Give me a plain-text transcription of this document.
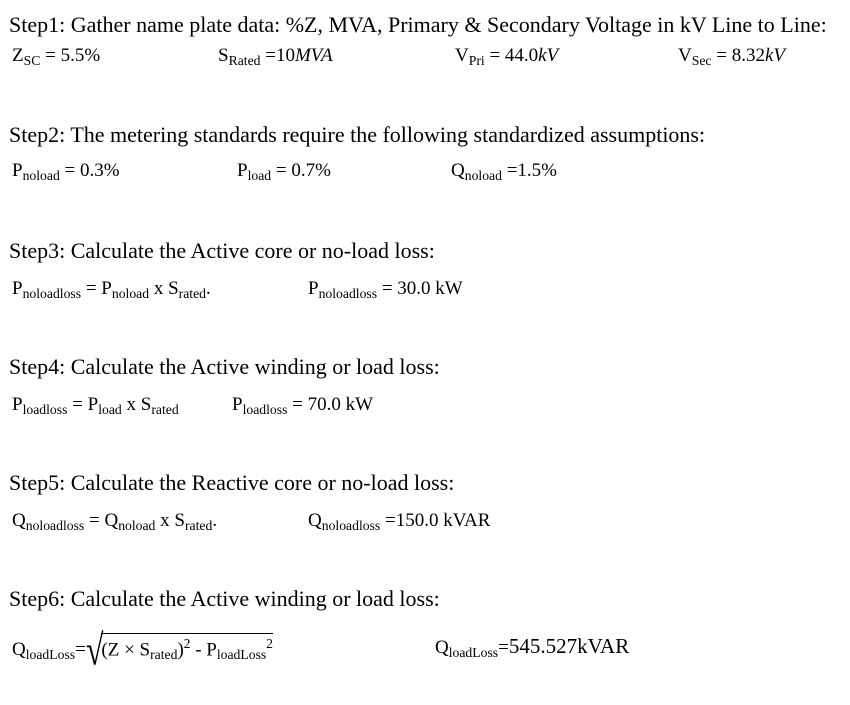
Step1: Gather name plate data: %Z, MVA, Primary & Secondary Voltage in kV Line to Line:
$Z_{SC} = 5.5\%$	$S_{Rated} =10MVA$	$V_{Pri} = 44.0kV$	$V_{Sec} = 8.32kV$
Step2: The metering standards require the following standardized assumptions:
$P_{noload} = 0.3\%$	$P_{load} = 0.7\%$	$Q_{noload} =1.5\%$
Step3: Calculate the Active core or no-load loss:
$P_{noloadloss} = P_{noload}$ x $S_{rated}$.	$P_{noloadloss} = 30.0$ kW
Step4: Calculate the Active winding or load loss:
$P_{loadloss} = P_{load}$ x $S_{rated}$	$P_{loadloss} = 70.0$ kW
Step5: Calculate the Reactive core or no-load loss:
$Q_{noloadloss} = Q_{noload}$ x $S_{rated}$.	$Q_{noloadloss} =150.0$ kVAR
Step6: Calculate the Active winding or load loss:
$Q_{loadLoss}=√(Z \times S_{rated})^2 - P_{loadLoss}^2$	$Q_{loadLoss}=545.527kVAR$
